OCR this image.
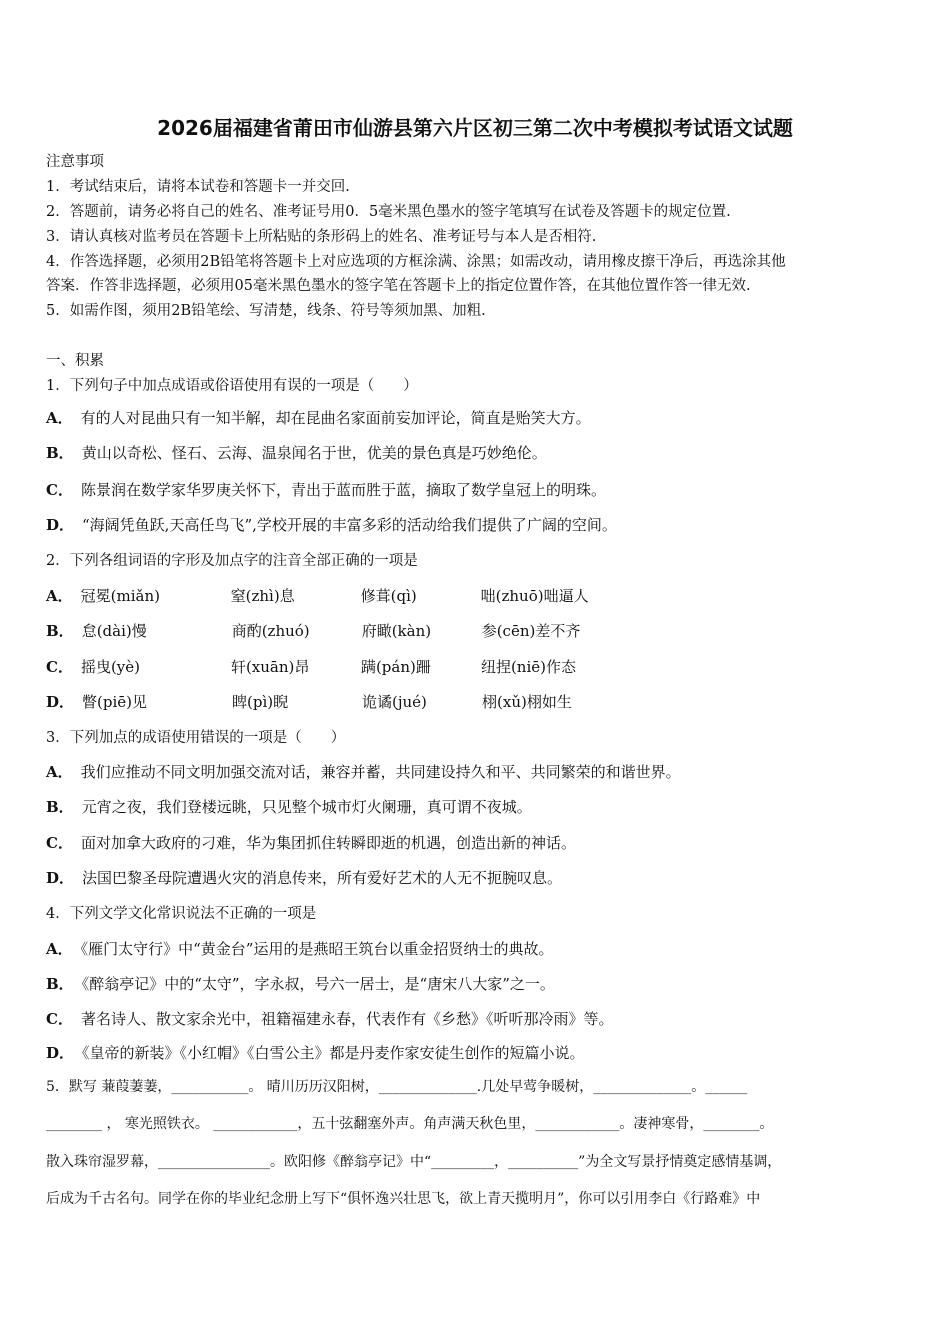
2026届福建省莆田市仙游县第六片区初三第二次中考模拟考试语文试题
注意事项
1．考试结束后，请将本试卷和答题卡一并交回.
2．答题前，请务必将自己的姓名、准考证号用0．5毫米黑色墨水的签字笔填写在试卷及答题卡的规定位置.
3．请认真核对监考员在答题卡上所粘贴的条形码上的姓名、准考证号与本人是否相符.
4．作答选择题，必须用2B铅笔将答题卡上对应选项的方框涂满、涂黑；如需改动，请用橡皮擦干净后，再选涂其他
答案．作答非选择题，必须用05毫米黑色墨水的签字笔在答题卡上的指定位置作答，在其他位置作答一律无效.
5．如需作图，须用2B铅笔绘、写清楚，线条、符号等须加黑、加粗.
一、积累
1．下列句子中加点成语或俗语使用有误的一项是（　　）
A． 有的人对昆曲只有一知半解，却在昆曲名家面前妄加评论，简直是贻笑大方。
B． 黄山以奇松、怪石、云海、温泉闻名于世，优美的景色真是巧妙绝伦。
C． 陈景润在数学家华罗庚关怀下，青出于蓝而胜于蓝，摘取了数学皇冠上的明珠。
D． “海阔凭鱼跃,天高任鸟飞”,学校开展的丰富多彩的活动给我们提供了广阔的空间。
2．下列各组词语的字形及加点字的注音全部正确的一项是
A． 冠冕(miǎn)	窒(zhì)息	修葺(qì)	咄(zhuō)咄逼人
B． 怠(dài)慢	商酌(zhuó)	府瞰(kàn)	参(cēn)差不齐
C． 摇曳(yè)	轩(xuān)昂	蹒(pán)跚	纽捏(niē)作态
D． 瞥(piē)见	睥(pì)睨	诡谲(jué)	栩(xǔ)栩如生
3．下列加点的成语使用错误的一项是（　　）
A． 我们应推动不同文明加强交流对话，兼容并蓄，共同建设持久和平、共同繁荣的和谐世界。
B． 元宵之夜，我们登楼远眺，只见整个城市灯火阑珊，真可谓不夜城。
C． 面对加拿大政府的刁难，华为集团抓住转瞬即逝的机遇，创造出新的神话。
D． 法国巴黎圣母院遭遇火灾的消息传来，所有爱好艺术的人无不扼腕叹息。
4．下列文学文化常识说法不正确的一项是
A． 《雁门太守行》中“黄金台”运用的是燕昭王筑台以重金招贤纳士的典故。
B． 《醉翁亭记》中的“太守”，字永叔，号六一居士，是“唐宋八大家”之一。
C． 著名诗人、散文家余光中，祖籍福建永春，代表作有《乡愁》《听听那冷雨》等。
D． 《皇帝的新装》《小红帽》《白雪公主》都是丹麦作家安徒生创作的短篇小说。
5．默写 蒹葭萋萋，___________。 晴川历历汉阳树，______________.几处早莺争暖树，______________。______
________ ， 寒光照铁衣。 ____________，五十弦翻塞外声。角声满天秋色里，____________。凄神寒骨，________。
散入珠帘湿罗幕，________________。欧阳修《醉翁亭记》中“_________，__________”为全文写景抒情奠定感情基调，
后成为千古名句。同学在你的毕业纪念册上写下“俱怀逸兴壮思飞，欲上青天揽明月”，你可以引用李白《行路难》中
